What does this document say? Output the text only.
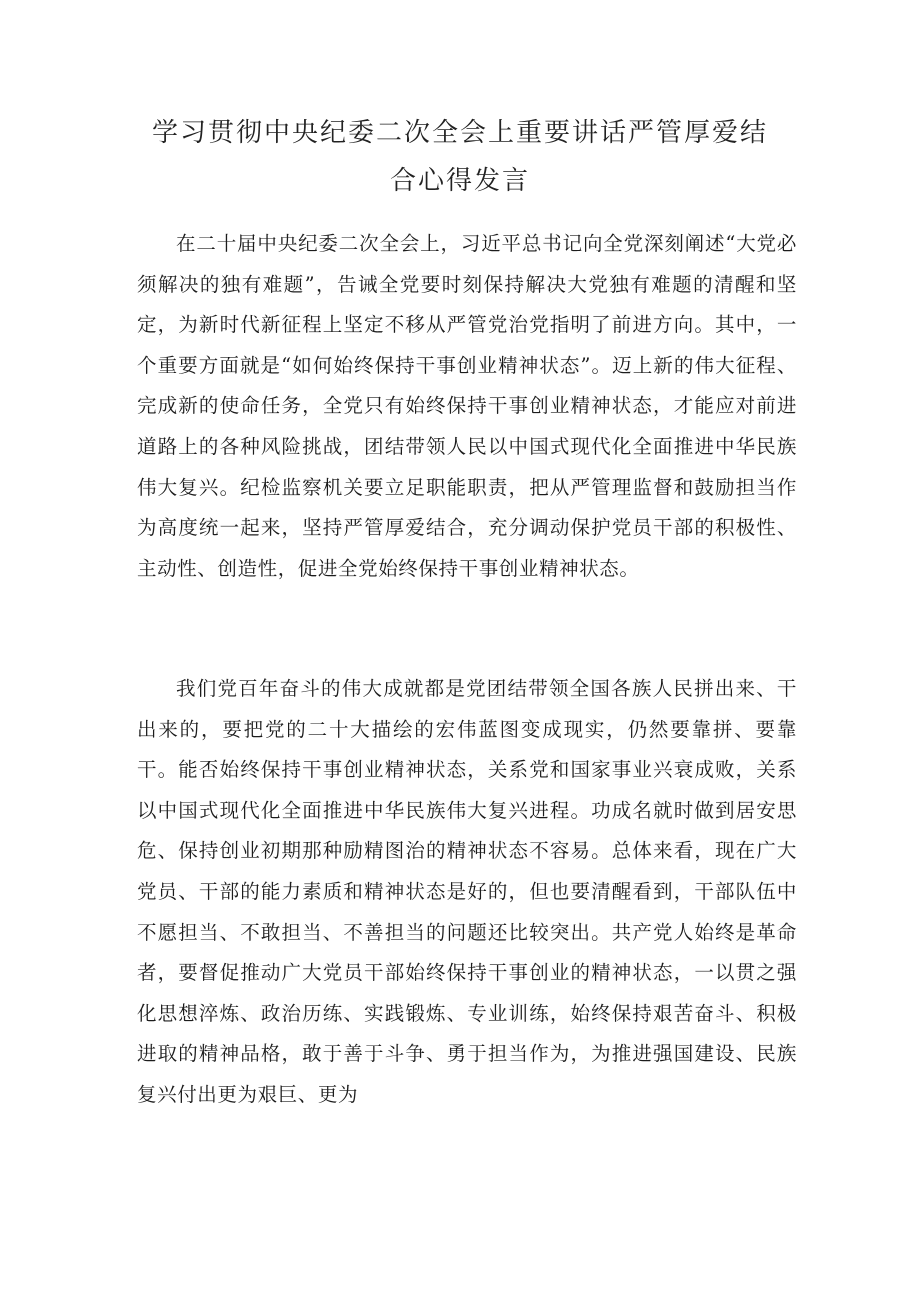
学习贯彻中央纪委二次全会上重要讲话严管厚爱结
合心得发言

在二十届中央纪委二次全会上，习近平总书记向全党深刻阐述“大党必须解决的独有难题”，告诫全党要时刻保持解决大党独有难题的清醒和坚定，为新时代新征程上坚定不移从严管党治党指明了前进方向。其中，一个重要方面就是“如何始终保持干事创业精神状态”。迈上新的伟大征程、完成新的使命任务，全党只有始终保持干事创业精神状态，才能应对前进道路上的各种风险挑战，团结带领人民以中国式现代化全面推进中华民族伟大复兴。纪检监察机关要立足职能职责，把从严管理监督和鼓励担当作为高度统一起来，坚持严管厚爱结合，充分调动保护党员干部的积极性、主动性、创造性，促进全党始终保持干事创业精神状态。

我们党百年奋斗的伟大成就都是党团结带领全国各族人民拼出来、干出来的，要把党的二十大描绘的宏伟蓝图变成现实，仍然要靠拼、要靠干。能否始终保持干事创业精神状态，关系党和国家事业兴衰成败，关系以中国式现代化全面推进中华民族伟大复兴进程。功成名就时做到居安思危、保持创业初期那种励精图治的精神状态不容易。总体来看，现在广大党员、干部的能力素质和精神状态是好的，但也要清醒看到，干部队伍中不愿担当、不敢担当、不善担当的问题还比较突出。共产党人始终是革命者，要督促推动广大党员干部始终保持干事创业的精神状态，一以贯之强化思想淬炼、政治历练、实践锻炼、专业训练，始终保持艰苦奋斗、积极进取的精神品格，敢于善于斗争、勇于担当作为，为推进强国建设、民族复兴付出更为艰巨、更为
